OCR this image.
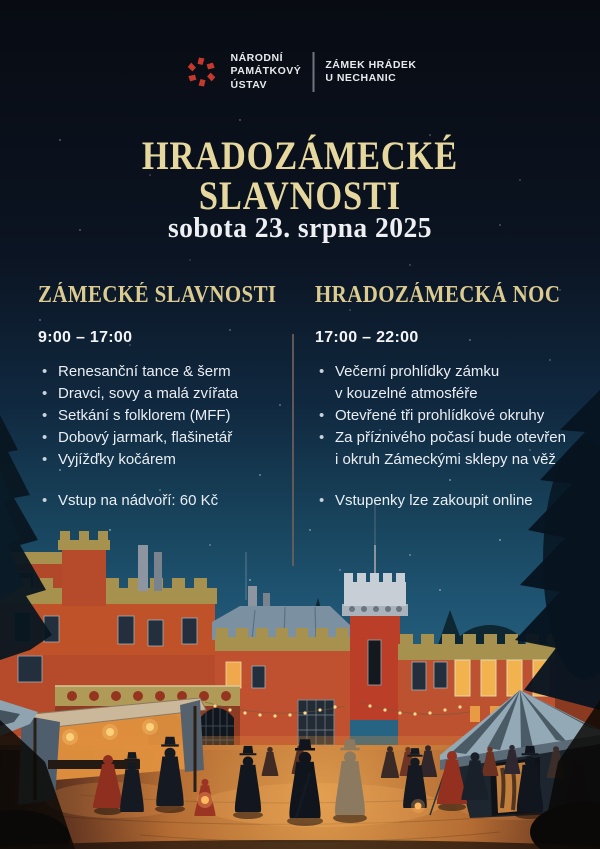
NÁRODNÍ
PAMÁTKOVÝ
ÚSTAV
ZÁMEK HRÁDEK
U NECHANIC
HRADOZÁMECKÉ SLAVNOSTI
sobota 23. srpna 2025
ZÁMECKÉ SLAVNOSTI
9:00 – 17:00
• Renesanční tance & šerm
• Dravci, sovy a malá zvířata
• Setkání s folklorem (MFF)
• Dobový jarmark, flašinetář
• Vyjížďky kočárem
• Vstup na nádvoří: 60 Kč
HRADOZÁMECKÁ NOC
17:00 – 22:00
• Večerní prohlídky zámku
v kouzelné atmosféře
• Otevřené tři prohlídkové okruhy
• Za příznivého počasí bude otevřen
i okruh Zámeckými sklepy na věž
• Vstupenky lze zakoupit online
